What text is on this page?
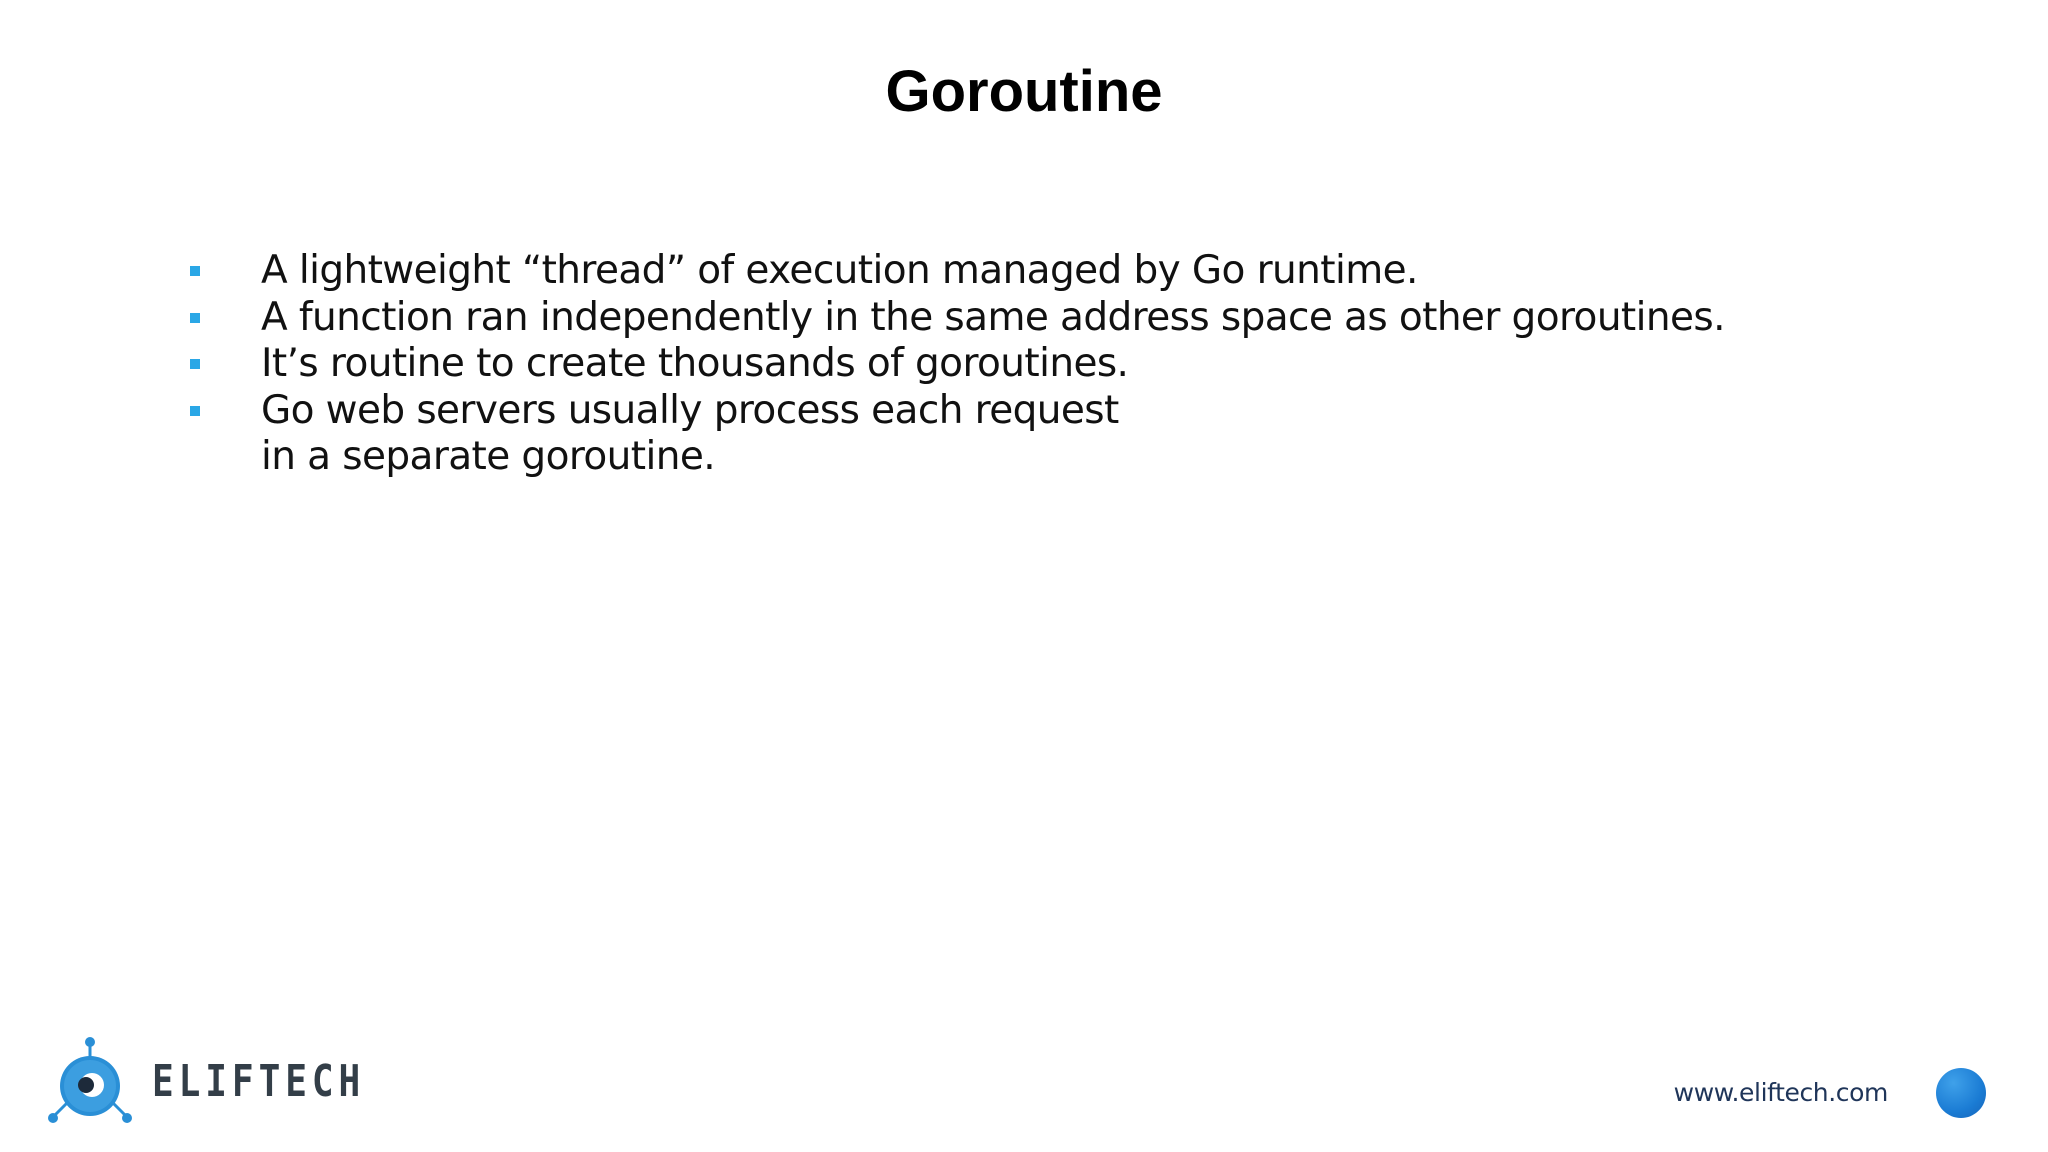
Goroutine
A lightweight “thread” of execution managed by Go runtime.
A function ran independently in the same address space as other goroutines.
It’s routine to create thousands of goroutines.
Go web servers usually process each request
in a separate goroutine.
ELIFTECH	www.eliftech.com
